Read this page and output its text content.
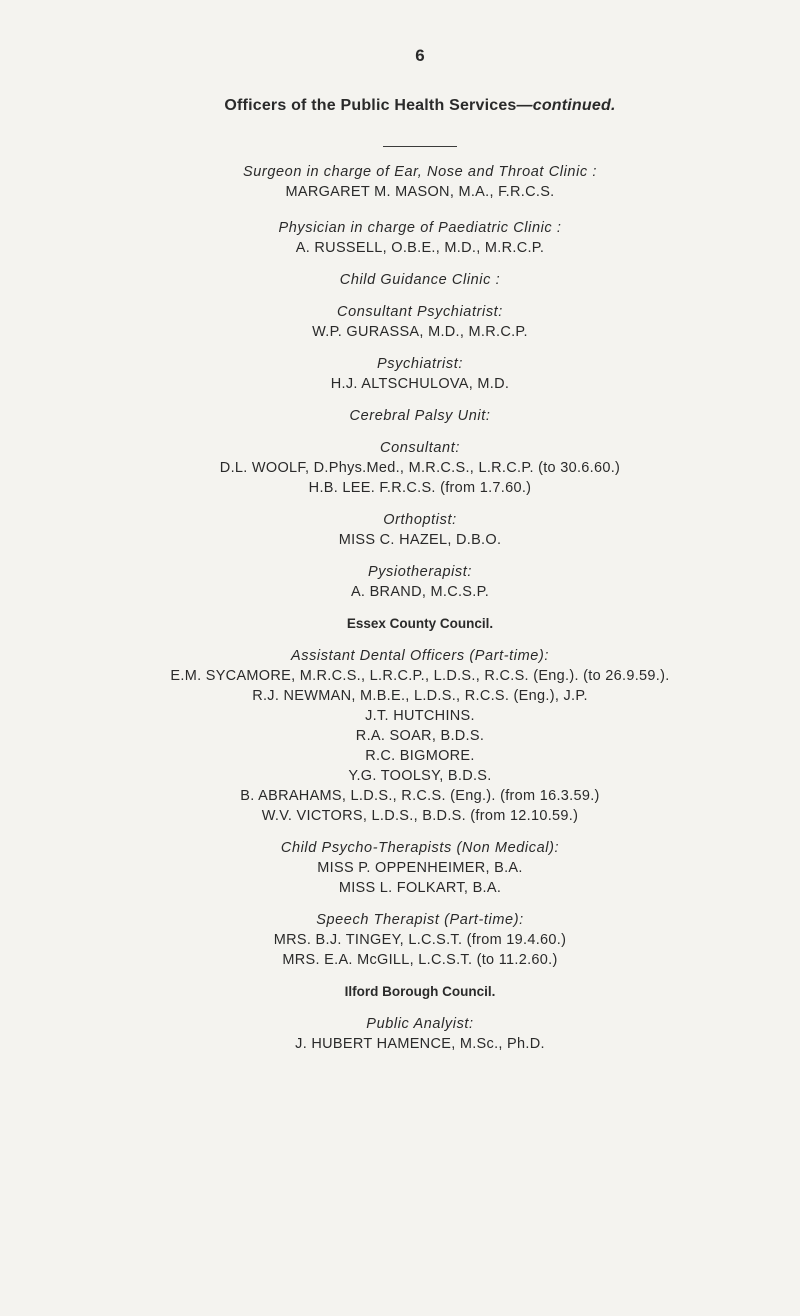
6
Officers of the Public Health Services—continued.
Surgeon in charge of Ear, Nose and Throat Clinic :
MARGARET M. MASON, M.A., F.R.C.S.
Physician in charge of Paediatric Clinic :
A. RUSSELL, O.B.E., M.D., M.R.C.P.
Child Guidance Clinic :
Consultant Psychiatrist:
W.P. GURASSA, M.D., M.R.C.P.
Psychiatrist:
H.J. ALTSCHULOVA, M.D.
Cerebral Palsy Unit:
Consultant:
D.L. WOOLF, D.Phys.Med., M.R.C.S., L.R.C.P. (to 30.6.60.)
H.B. LEE. F.R.C.S. (from 1.7.60.)
Orthoptist:
MISS C. HAZEL, D.B.O.
Pysiotherapist:
A. BRAND, M.C.S.P.
Essex County Council.
Assistant Dental Officers (Part-time):
E.M. SYCAMORE, M.R.C.S., L.R.C.P., L.D.S., R.C.S. (Eng.). (to 26.9.59.).
R.J. NEWMAN, M.B.E., L.D.S., R.C.S. (Eng.), J.P.
J.T. HUTCHINS.
R.A. SOAR, B.D.S.
R.C. BIGMORE.
Y.G. TOOLSY, B.D.S.
B. ABRAHAMS, L.D.S., R.C.S. (Eng.). (from 16.3.59.)
W.V. VICTORS, L.D.S., B.D.S. (from 12.10.59.)
Child Psycho-Therapists (Non Medical):
MISS P. OPPENHEIMER, B.A.
MISS L. FOLKART, B.A.
Speech Therapist (Part-time):
MRS. B.J. TINGEY, L.C.S.T. (from 19.4.60.)
MRS. E.A. McGILL, L.C.S.T. (to 11.2.60.)
Ilford Borough Council.
Public Analyist:
J. HUBERT HAMENCE, M.Sc., Ph.D.
